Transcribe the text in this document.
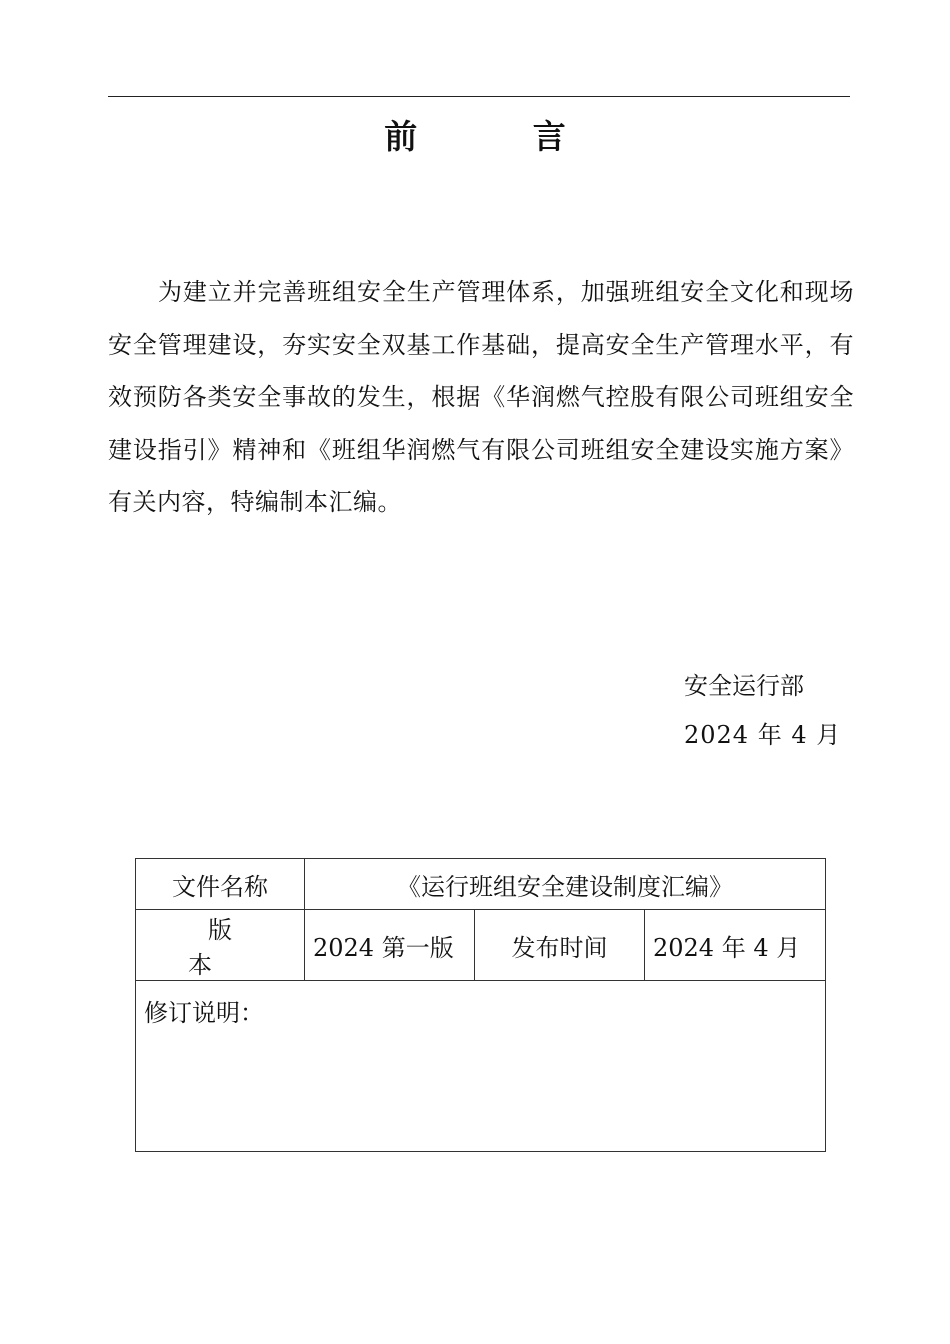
前 言

为建立并完善班组安全生产管理体系，加强班组安全文化和现场安全管理建设，夯实安全双基工作基础，提高安全生产管理水平，有效预防各类安全事故的发生，根据《华润燃气控股有限公司班组安全建设指引》精神和《班组华润燃气有限公司班组安全建设实施方案》有关内容，特编制本汇编。

安全运行部
2024 年 4 月
文件名称	《运行班组安全建设制度汇编》		
版本	2024 第一版	发布时间	2024 年 4 月
修订说明：			
